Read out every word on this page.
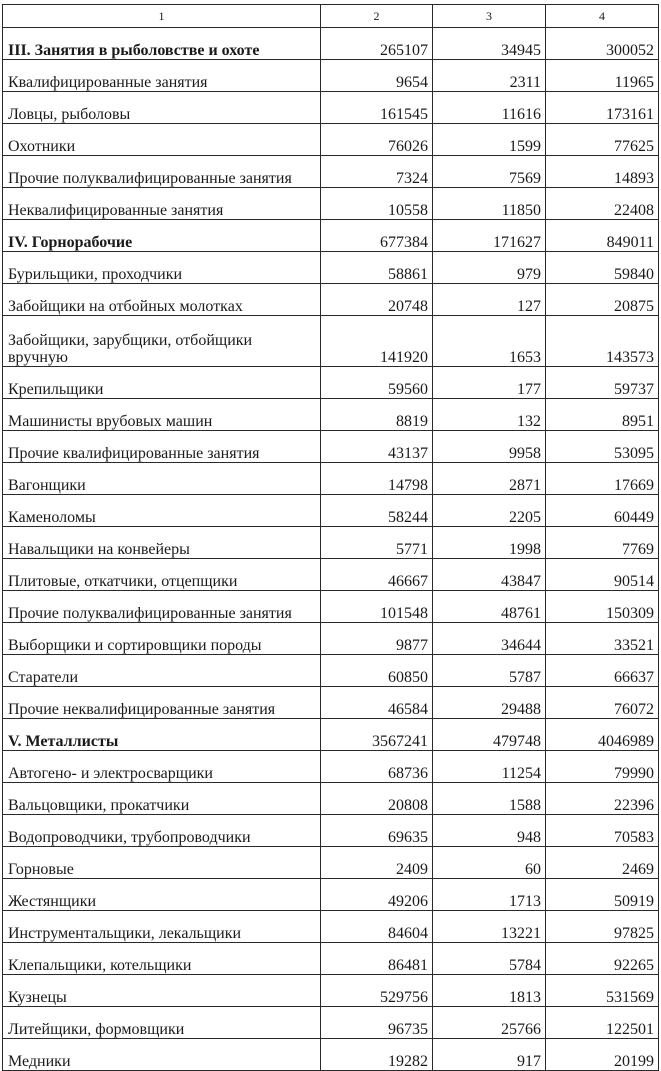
1	2	3	4
III. Занятия в рыболовстве и охоте	265107	34945	300052
Квалифицированные занятия	9654	2311	11965
Ловцы, рыболовы	161545	11616	173161
Охотники	76026	1599	77625
Прочие полуквалифицированные занятия	7324	7569	14893
Неквалифицированные занятия	10558	11850	22408
IV. Горнорабочие	677384	171627	849011
Бурильщики, проходчики	58861	979	59840
Забойщики на отбойных молотках	20748	127	20875
Забойщики, зарубщики, отбойщики вручную	141920	1653	143573
Крепильщики	59560	177	59737
Машинисты врубовых машин	8819	132	8951
Прочие квалифицированные занятия	43137	9958	53095
Вагонщики	14798	2871	17669
Каменоломы	58244	2205	60449
Навальщики на конвейеры	5771	1998	7769
Плитовые, откатчики, отцепщики	46667	43847	90514
Прочие полуквалифицированные занятия	101548	48761	150309
Выборщики и сортировщики породы	9877	34644	33521
Старатели	60850	5787	66637
Прочие неквалифицированные занятия	46584	29488	76072
V. Металлисты	3567241	479748	4046989
Автогено- и электросварщики	68736	11254	79990
Вальцовщики, прокатчики	20808	1588	22396
Водопроводчики, трубопроводчики	69635	948	70583
Горновые	2409	60	2469
Жестянщики	49206	1713	50919
Инструментальщики, лекальщики	84604	13221	97825
Клепальщики, котельщики	86481	5784	92265
Кузнецы	529756	1813	531569
Литейщики, формовщики	96735	25766	122501
Медники	19282	917	20199
